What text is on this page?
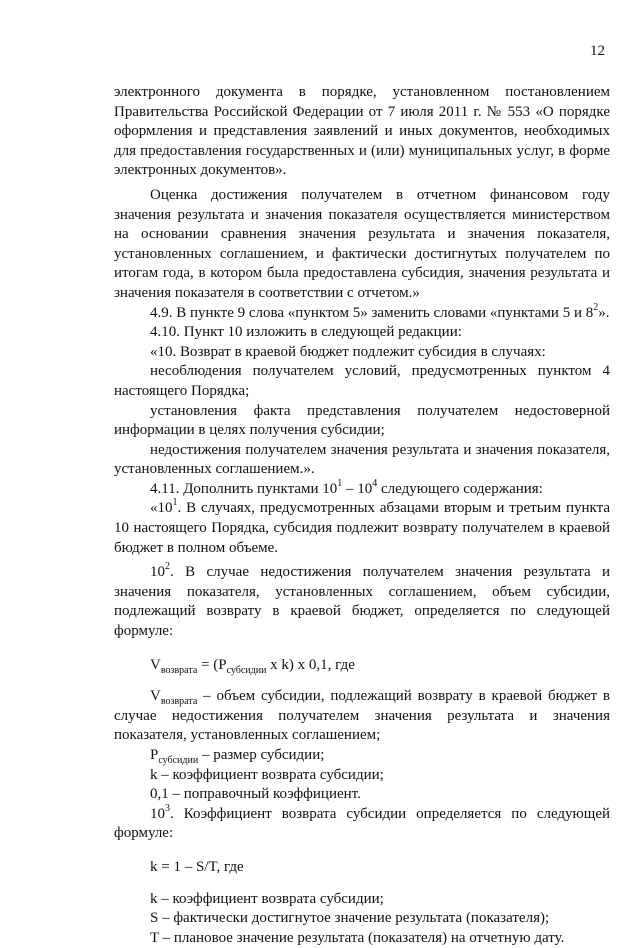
12

электронного документа в порядке, установленном постановлением Правительства Российской Федерации от 7 июля 2011 г. № 553 «О порядке оформления и представления заявлений и иных документов, необходимых для предоставления государственных и (или) муниципальных услуг, в форме электронных документов».

Оценка достижения получателем в отчетном финансовом году значения результата и значения показателя осуществляется министерством на основании сравнения значения результата и значения показателя, установленных соглашением, и фактически достигнутых получателем по итогам года, в котором была предоставлена субсидия, значения результата и значения показателя в соответствии с отчетом.»

4.9. В пункте 9 слова «пунктом 5» заменить словами «пунктами 5 и $8^2$».

4.10. Пункт 10 изложить в следующей редакции:

«10. Возврат в краевой бюджет подлежит субсидия в случаях:

несоблюдения получателем условий, предусмотренных пунктом 4 настоящего Порядка;

установления факта представления получателем недостоверной информации в целях получения субсидии;

недостижения получателем значения результата и значения показателя, установленных соглашением.».

4.11. Дополнить пунктами $10^1 - 10^4$ следующего содержания:

«$10^1$. В случаях, предусмотренных абзацами вторым и третьим пункта 10 настоящего Порядка, субсидия подлежит возврату получателем в краевой бюджет в полном объеме.

$10^2$. В случае недостижения получателем значения результата и значения показателя, установленных соглашением, объем субсидии, подлежащий возврату в краевой бюджет, определяется по следующей формуле:

$V_{возврата} = (P_{субсидии}$ x k) x 0,1, где

$V_{возврата}$ – объем субсидии, подлежащий возврату в краевой бюджет в случае недостижения получателем значения результата и значения показателя, установленных соглашением;

$P_{субсидии}$ – размер субсидии;

k – коэффициент возврата субсидии;

0,1 – поправочный коэффициент.

$10^3$. Коэффициент возврата субсидии определяется по следующей формуле:

k = 1 – S/T, где

k – коэффициент возврата субсидии;

S – фактически достигнутое значение результата (показателя);

T – плановое значение результата (показателя) на отчетную дату.
